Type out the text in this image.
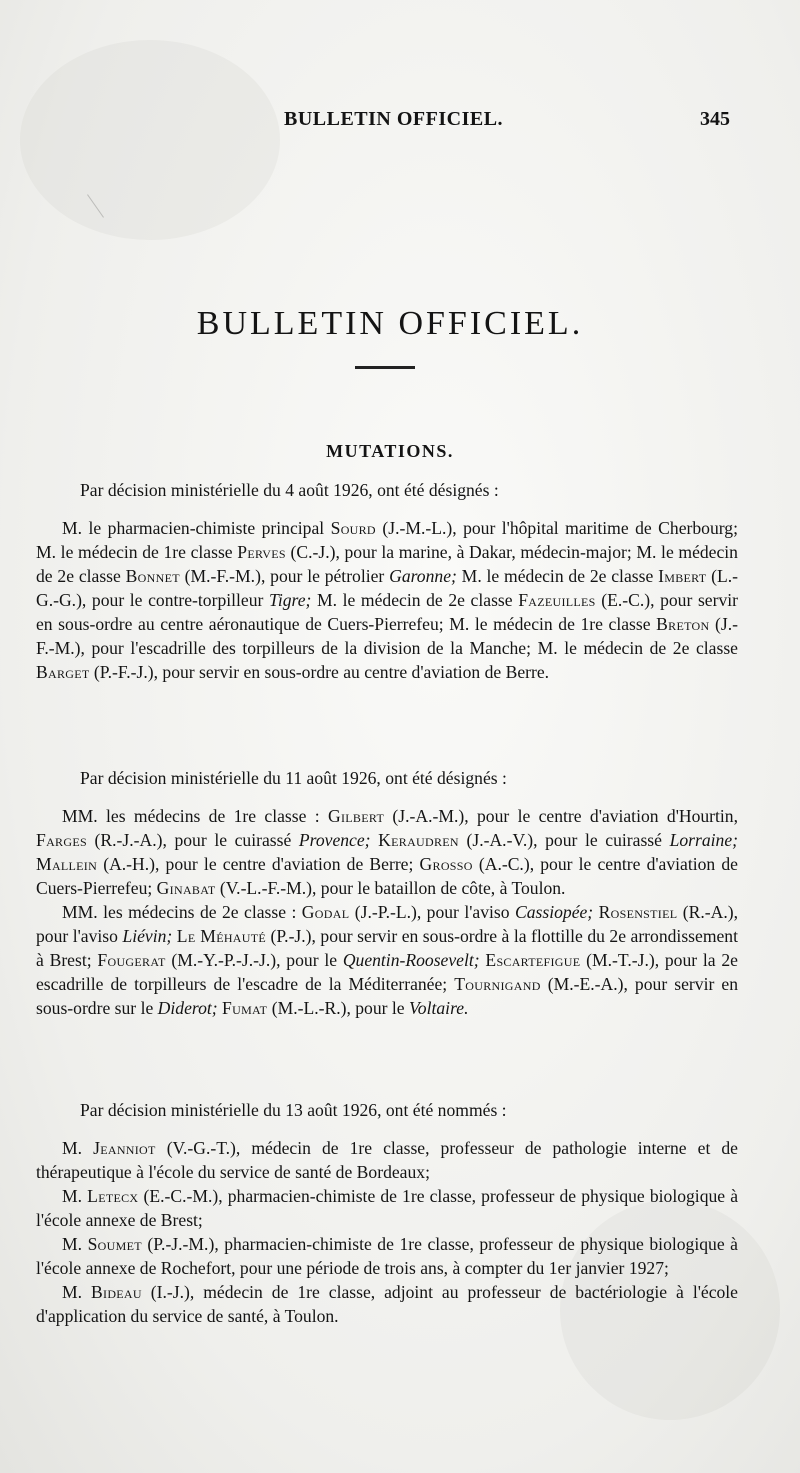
BULLETIN OFFICIEL.	345
BULLETIN OFFICIEL.
MUTATIONS.

Par décision ministérielle du 4 août 1926, ont été désignés :

M. le pharmacien-chimiste principal Sourd (J.-M.-L.), pour l'hôpital maritime de Cherbourg; M. le médecin de 1re classe Perves (C.-J.), pour la marine, à Dakar, médecin-major; M. le médecin de 2e classe Bonnet (M.-F.-M.), pour le pétrolier Garonne; M. le médecin de 2e classe Imbert (L.-G.-G.), pour le contre-torpilleur Tigre; M. le médecin de 2e classe Fazeuilles (E.-C.), pour servir en sous-ordre au centre aéronautique de Cuers-Pierrefeu; M. le médecin de 1re classe Breton (J.-F.-M.), pour l'escadrille des torpilleurs de la division de la Manche; M. le médecin de 2e classe Barget (P.-F.-J.), pour servir en sous-ordre au centre d'aviation de Berre.

Par décision ministérielle du 11 août 1926, ont été désignés :

MM. les médecins de 1re classe : Gilbert (J.-A.-M.), pour le centre d'aviation d'Hourtin, Farges (R.-J.-A.), pour le cuirassé Provence; Keraudren (J.-A.-V.), pour le cuirassé Lorraine; Mallein (A.-H.), pour le centre d'aviation de Berre; Grosso (A.-C.), pour le centre d'aviation de Cuers-Pierrefeu; Ginabat (V.-L.-F.-M.), pour le bataillon de côte, à Toulon.

MM. les médecins de 2e classe : Godal (J.-P.-L.), pour l'aviso Cassiopée; Rosenstiel (R.-A.), pour l'aviso Liévin; Le Méhauté (P.-J.), pour servir en sous-ordre à la flottille du 2e arrondissement à Brest; Fougerat (M.-Y.-P.-J.-J.), pour le Quentin-Roosevelt; Escartefigue (M.-T.-J.), pour la 2e escadrille de torpilleurs de l'escadre de la Méditerranée; Tournigand (M.-E.-A.), pour servir en sous-ordre sur le Diderot; Fumat (M.-L.-R.), pour le Voltaire.

Par décision ministérielle du 13 août 1926, ont été nommés :

M. Jeanniot (V.-G.-T.), médecin de 1re classe, professeur de pathologie interne et de thérapeutique à l'école du service de santé de Bordeaux;

M. Letecx (E.-C.-M.), pharmacien-chimiste de 1re classe, professeur de physique biologique à l'école annexe de Brest;

M. Soumet (P.-J.-M.), pharmacien-chimiste de 1re classe, professeur de physique biologique à l'école annexe de Rochefort, pour une période de trois ans, à compter du 1er janvier 1927;

M. Bideau (I.-J.), médecin de 1re classe, adjoint au professeur de bactériologie à l'école d'application du service de santé, à Toulon.
